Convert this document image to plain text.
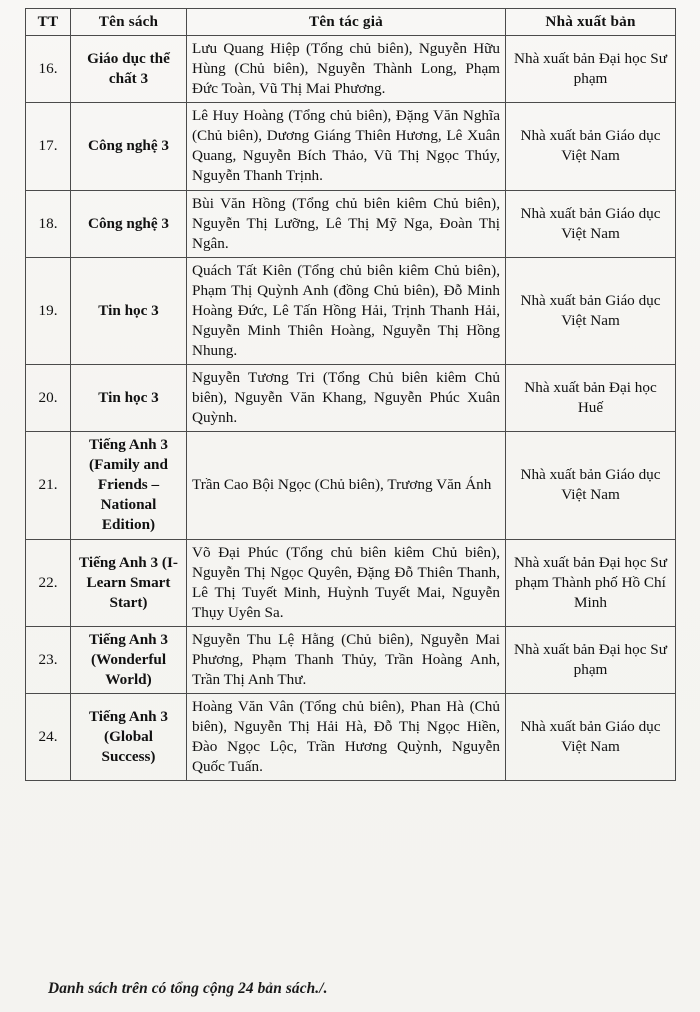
TT	Tên sách	Tên tác giả	Nhà xuất bản
16.	Giáo dục thể chất 3	Lưu Quang Hiệp (Tổng chủ biên), Nguyễn Hữu Hùng (Chủ biên), Nguyễn Thành Long, Phạm Đức Toàn, Vũ Thị Mai Phương.	Nhà xuất bản Đại học Sư phạm
17.	Công nghệ 3	Lê Huy Hoàng (Tổng chủ biên), Đặng Văn Nghĩa (Chủ biên), Dương Giáng Thiên Hương, Lê Xuân Quang, Nguyễn Bích Thảo, Vũ Thị Ngọc Thúy, Nguyễn Thanh Trịnh.	Nhà xuất bản Giáo dục Việt Nam
18.	Công nghệ 3	Bùi Văn Hồng (Tổng chủ biên kiêm Chủ biên), Nguyễn Thị Lưỡng, Lê Thị Mỹ Nga, Đoàn Thị Ngân.	Nhà xuất bản Giáo dục Việt Nam
19.	Tin học 3	Quách Tất Kiên (Tổng chủ biên kiêm Chủ biên), Phạm Thị Quỳnh Anh (đồng Chủ biên), Đỗ Minh Hoàng Đức, Lê Tấn Hồng Hải, Trịnh Thanh Hải, Nguyễn Minh Thiên Hoàng, Nguyễn Thị Hồng Nhung.	Nhà xuất bản Giáo dục Việt Nam
20.	Tin học 3	Nguyễn Tương Tri (Tổng Chủ biên kiêm Chủ biên), Nguyễn Văn Khang, Nguyễn Phúc Xuân Quỳnh.	Nhà xuất bản Đại học Huế
21.	Tiếng Anh 3 (Family and Friends – National Edition)	Trần Cao Bội Ngọc (Chủ biên), Trương Văn Ánh	Nhà xuất bản Giáo dục Việt Nam
22.	Tiếng Anh 3 (I-Learn Smart Start)	Võ Đại Phúc (Tổng chủ biên kiêm Chủ biên), Nguyễn Thị Ngọc Quyên, Đặng Đỗ Thiên Thanh, Lê Thị Tuyết Minh, Huỳnh Tuyết Mai, Nguyễn Thụy Uyên Sa.	Nhà xuất bản Đại học Sư phạm Thành phố Hồ Chí Minh
23.	Tiếng Anh 3 (Wonderful World)	Nguyễn Thu Lệ Hằng (Chủ biên), Nguyễn Mai Phương, Phạm Thanh Thủy, Trần Hoàng Anh, Trần Thị Anh Thư.	Nhà xuất bản Đại học Sư phạm
24.	Tiếng Anh 3 (Global Success)	Hoàng Văn Vân (Tổng chủ biên), Phan Hà (Chủ biên), Nguyễn Thị Hải Hà, Đỗ Thị Ngọc Hiền, Đào Ngọc Lộc, Trần Hương Quỳnh, Nguyễn Quốc Tuấn.	Nhà xuất bản Giáo dục Việt Nam
Danh sách trên có tổng cộng 24 bản sách./.
